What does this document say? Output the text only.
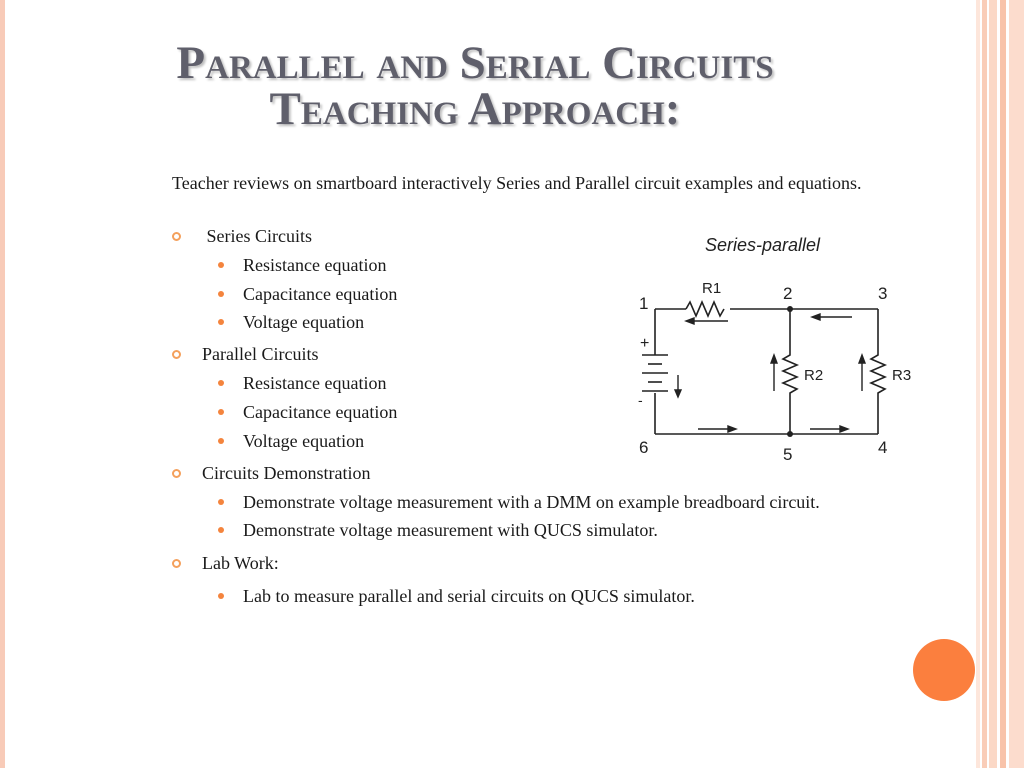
Parallel and Serial Circuits
Teaching Approach:
Teacher reviews on smartboard interactively Series and Parallel circuit examples and equations.
Series Circuits
Resistance equation
Capacitance equation
Voltage equation
Parallel Circuits
Resistance equation
Capacitance equation
Voltage equation
Circuits Demonstration
Demonstrate voltage measurement with a DMM on example breadboard circuit.
Demonstrate voltage measurement with QUCS simulator.
Lab Work:
Lab to measure parallel and serial circuits on QUCS simulator.
Series-parallel
+
-
1
2	3
4
5
6
R1
R2	R3
